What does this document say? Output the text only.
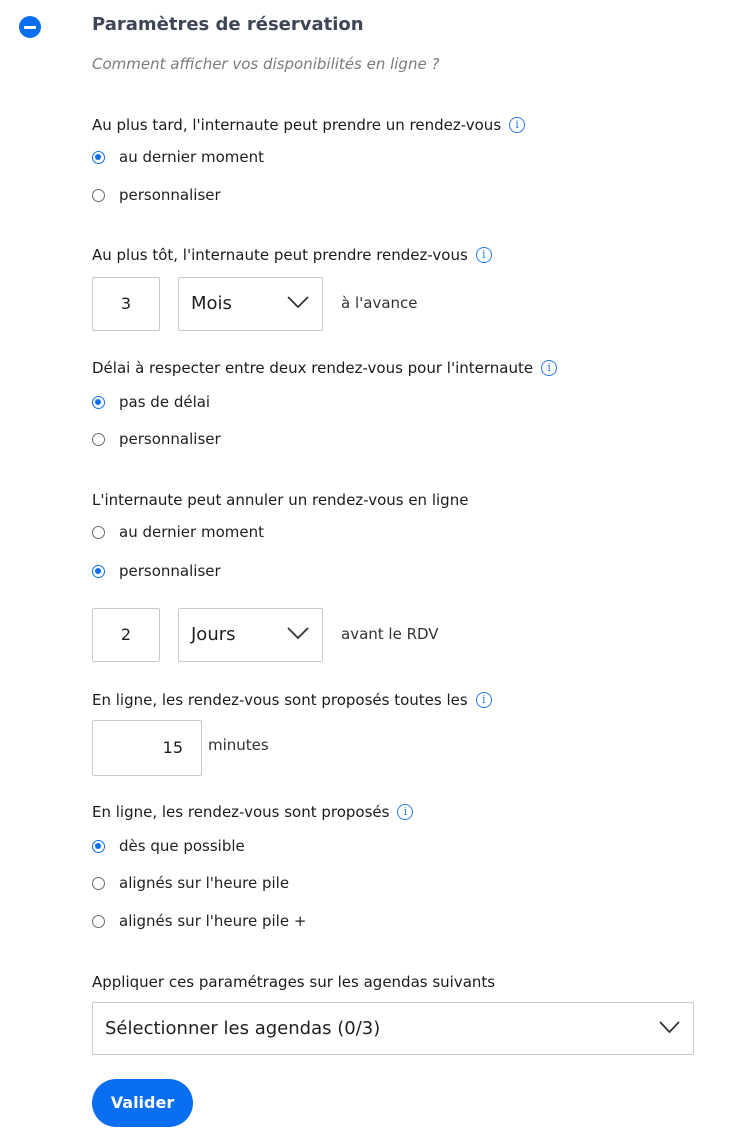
Paramètres de réservation
Comment afficher vos disponibilités en ligne ?
Au plus tard, l'internaute peut prendre un rendez-vous	i
au dernier moment
personnaliser
Au plus tôt, l'internaute peut prendre rendez-vous	i
3	Mois	à l'avance
Délai à respecter entre deux rendez-vous pour l'internaute	i
pas de délai
personnaliser
L'internaute peut annuler un rendez-vous en ligne
au dernier moment
personnaliser
2	Jours	avant le RDV
En ligne, les rendez-vous sont proposés toutes les	i
15	minutes
En ligne, les rendez-vous sont proposés	i
dès que possible
alignés sur l'heure pile
alignés sur l'heure pile +
Appliquer ces paramétrages sur les agendas suivants
Sélectionner les agendas (0/3)
Valider
